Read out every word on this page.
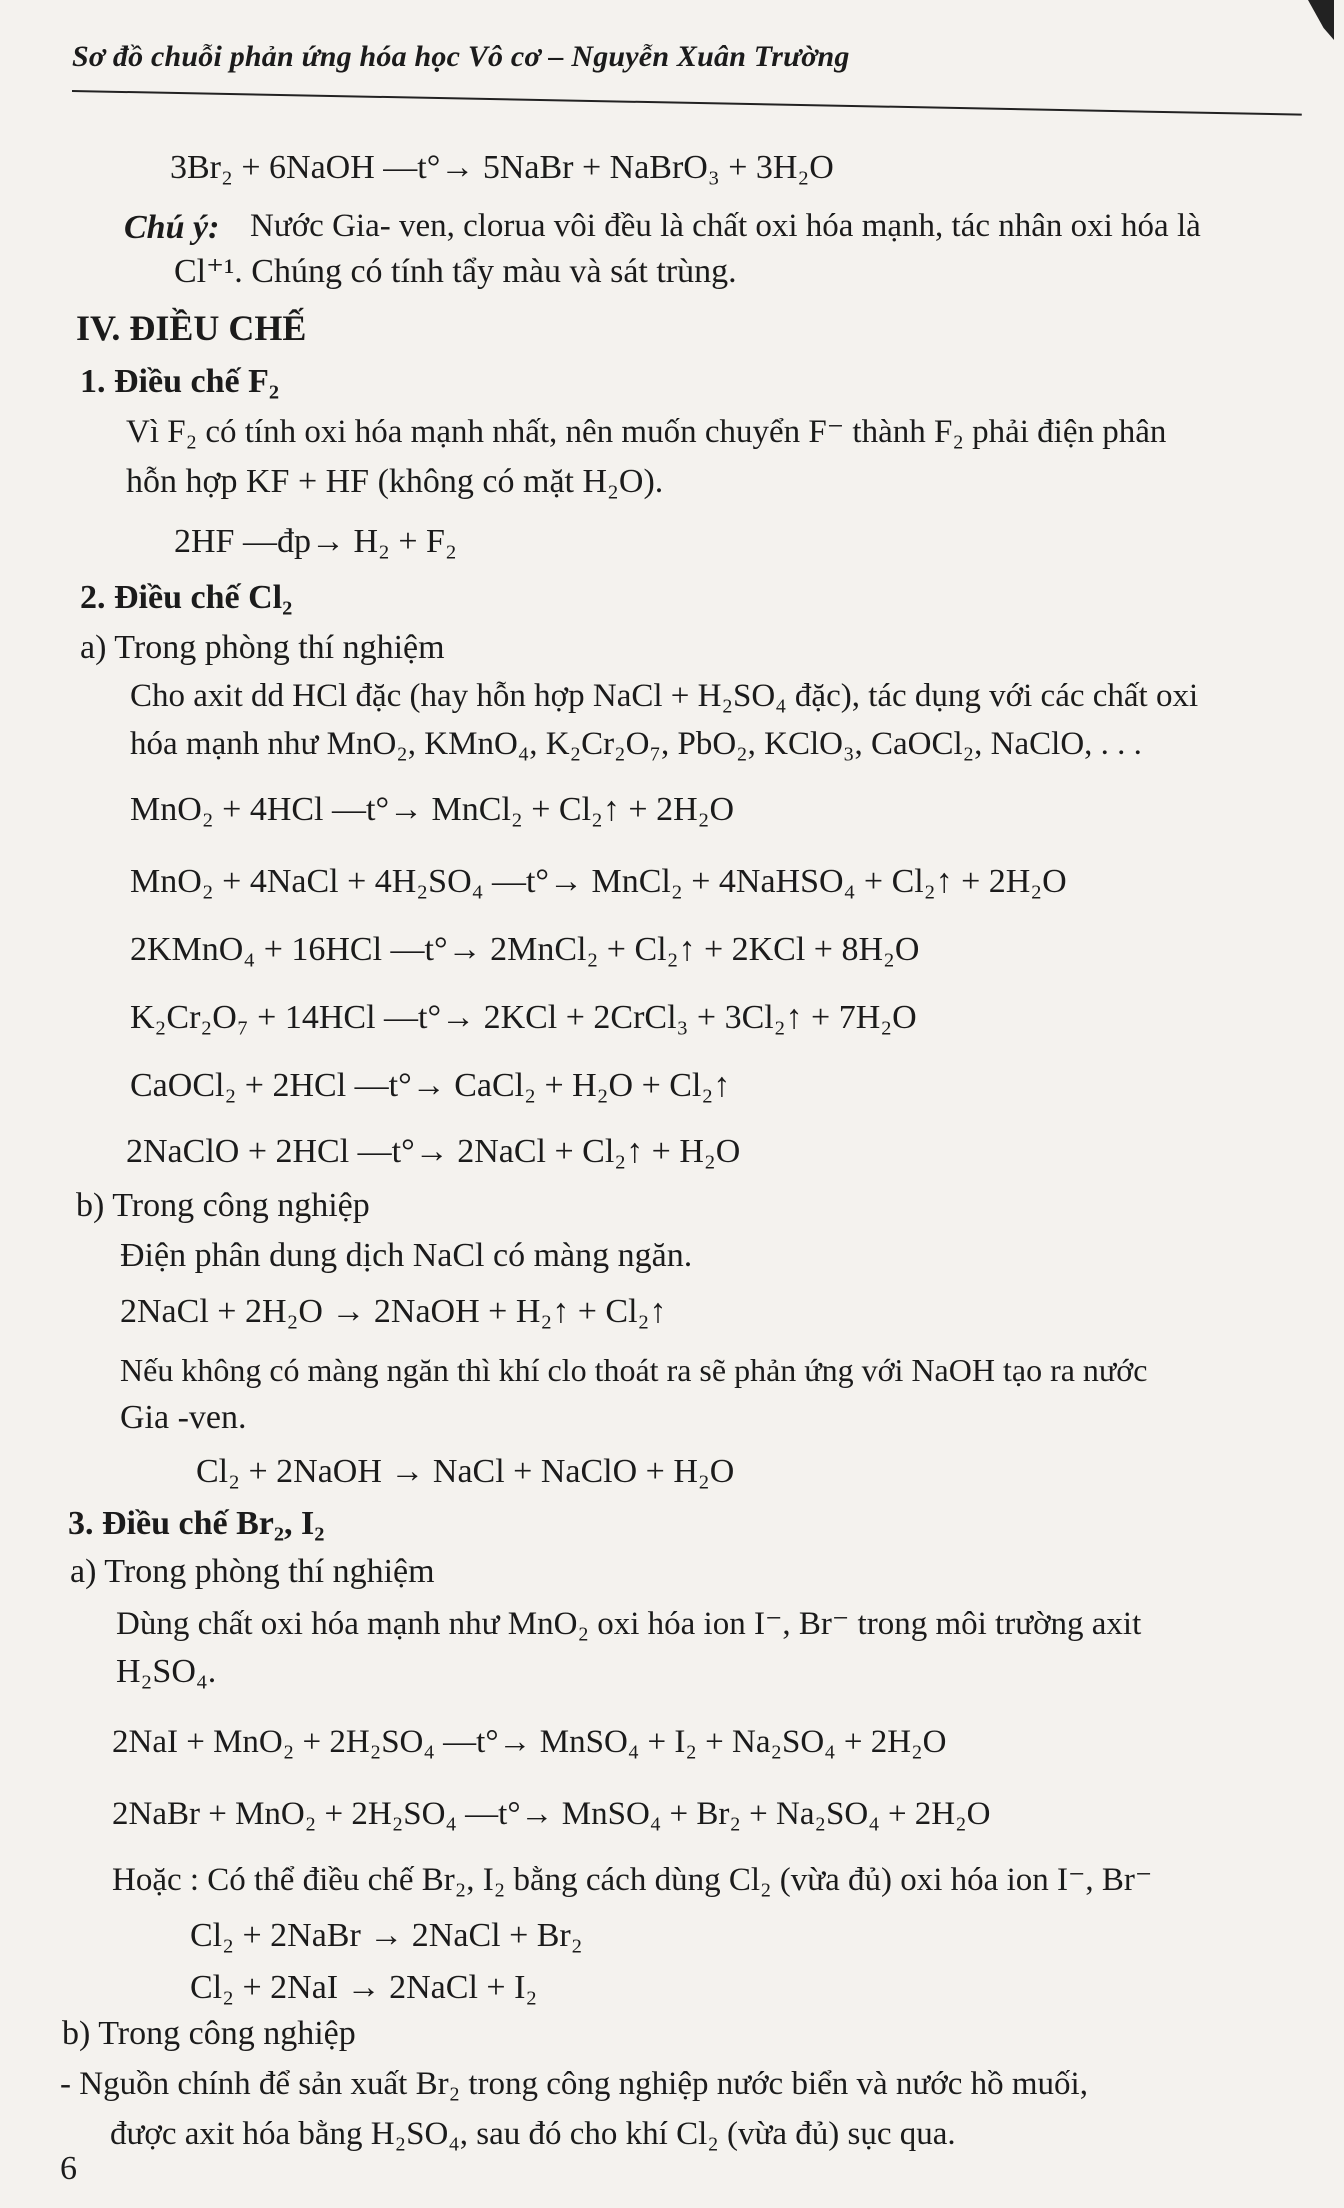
Sơ đồ chuỗi phản ứng hóa học Vô cơ – Nguyễn Xuân Trường
3Br₂ + 6NaOH —t°→ 5NaBr + NaBrO₃ + 3H₂O
Chú ý: Nước Gia- ven, clorua vôi đều là chất oxi hóa mạnh, tác nhân oxi hóa là
Cl⁺¹. Chúng có tính tẩy màu và sát trùng.
IV. ĐIỀU CHẾ
1. Điều chế F₂
Vì F₂ có tính oxi hóa mạnh nhất, nên muốn chuyển F⁻ thành F₂ phải điện phân
hỗn hợp KF + HF (không có mặt H₂O).
2HF —đp→ H₂ + F₂
2. Điều chế Cl₂
a) Trong phòng thí nghiệm
Cho axit dd HCl đặc (hay hỗn hợp NaCl + H₂SO₄ đặc), tác dụng với các chất oxi
hóa mạnh như MnO₂, KMnO₄, K₂Cr₂O₇, PbO₂, KClO₃, CaOCl₂, NaClO, . . .
MnO₂ + 4HCl —t°→ MnCl₂ + Cl₂↑ + 2H₂O
MnO₂ + 4NaCl + 4H₂SO₄ —t°→ MnCl₂ + 4NaHSO₄ + Cl₂↑ + 2H₂O
2KMnO₄ + 16HCl —t°→ 2MnCl₂ + Cl₂↑ + 2KCl + 8H₂O
K₂Cr₂O₇ + 14HCl —t°→ 2KCl + 2CrCl₃ + 3Cl₂↑ + 7H₂O
CaOCl₂ + 2HCl —t°→ CaCl₂ + H₂O + Cl₂↑
2NaClO + 2HCl —t°→ 2NaCl + Cl₂↑ + H₂O
b) Trong công nghiệp
Điện phân dung dịch NaCl có màng ngăn.
2NaCl + 2H₂O → 2NaOH + H₂↑ + Cl₂↑
Nếu không có màng ngăn thì khí clo thoát ra sẽ phản ứng với NaOH tạo ra nước
Gia -ven.
Cl₂ + 2NaOH → NaCl + NaClO + H₂O
3. Điều chế Br₂, I₂
a) Trong phòng thí nghiệm
Dùng chất oxi hóa mạnh như MnO₂ oxi hóa ion I⁻, Br⁻ trong môi trường axit
H₂SO₄.
2NaI + MnO₂ + 2H₂SO₄ —t°→ MnSO₄ + I₂ + Na₂SO₄ + 2H₂O
2NaBr + MnO₂ + 2H₂SO₄ —t°→ MnSO₄ + Br₂ + Na₂SO₄ + 2H₂O
Hoặc : Có thể điều chế Br₂, I₂ bằng cách dùng Cl₂ (vừa đủ) oxi hóa ion I⁻, Br⁻
Cl₂ + 2NaBr → 2NaCl + Br₂
Cl₂ + 2NaI → 2NaCl + I₂
b) Trong công nghiệp
- Nguồn chính để sản xuất Br₂ trong công nghiệp nước biển và nước hồ muối,
được axit hóa bằng H₂SO₄, sau đó cho khí Cl₂ (vừa đủ) sục qua.
6
